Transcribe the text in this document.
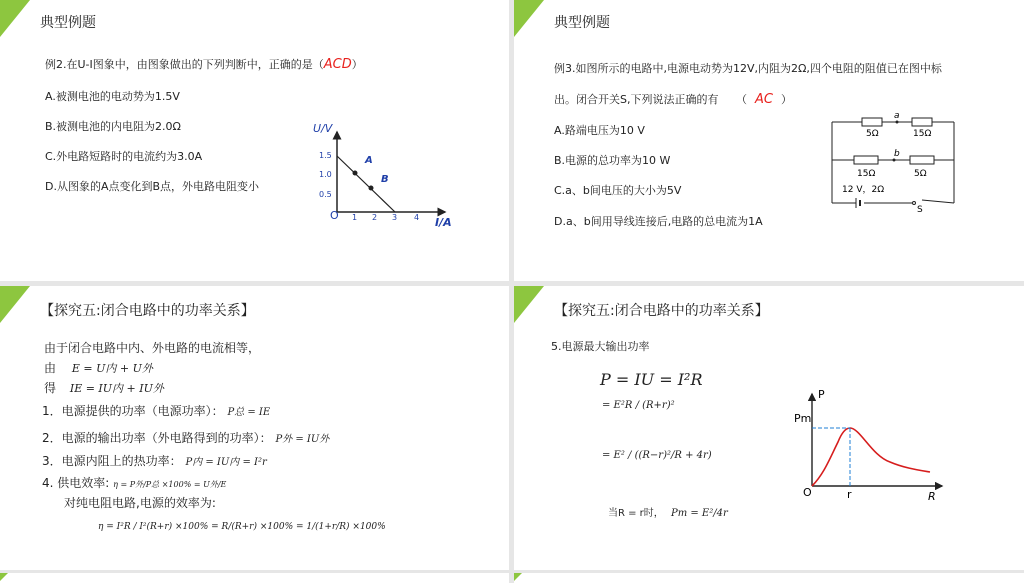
典型例题
例2.在U-I图象中，由图象做出的下列判断中，正确的是（ACD）
A.被测电池的电动势为1.5V
B.被测电池的内电阻为2.0Ω
C.外电路短路时的电流约为3.0A
D.从图象的A点变化到B点，外电路电阻变小
U/V
I/A
O
1.5
1.0
0.5
1 2 3 4
A
B
典型例题
例3.如图所示的电路中,电源电动势为12V,内阻为2Ω,四个电阻的阻值已在图中标
出。闭合开关S,下列说法正确的有 （ AC ）
A.路端电压为10 V
B.电源的总功率为10 W
C.a、b间电压的大小为5V
D.a、b间用导线连接后,电路的总电流为1A
5Ω	15Ω
15Ω	5Ω
a
b
12 V，2Ω
S
【探究五:闭合电路中的功率关系】
由于闭合电路中内、外电路的电流相等，
由 E = U内 + U外
得 IE = IU内 + IU外
1．电源提供的功率（电源功率）： P总 = IE
2．电源的输出功率（外电路得到的功率）： P外 = IU外
3．电源内阻上的热功率： P内 = IU内 = I²r
4. 供电效率: η = P外/P总 ×100% = U外/E
对纯电阻电路,电源的效率为:
η = I²R / I²(R+r) ×100% = R/(R+r) ×100% = 1/(1+r/R) ×100%
【探究五:闭合电路中的功率关系】
5.电源最大输出功率
P = IU = I²R
= E²R / (R+r)²
= E² / ((R−r)²/R + 4r)
当R = r时， Pm = E²/4r
P
Pm
O	r	R
